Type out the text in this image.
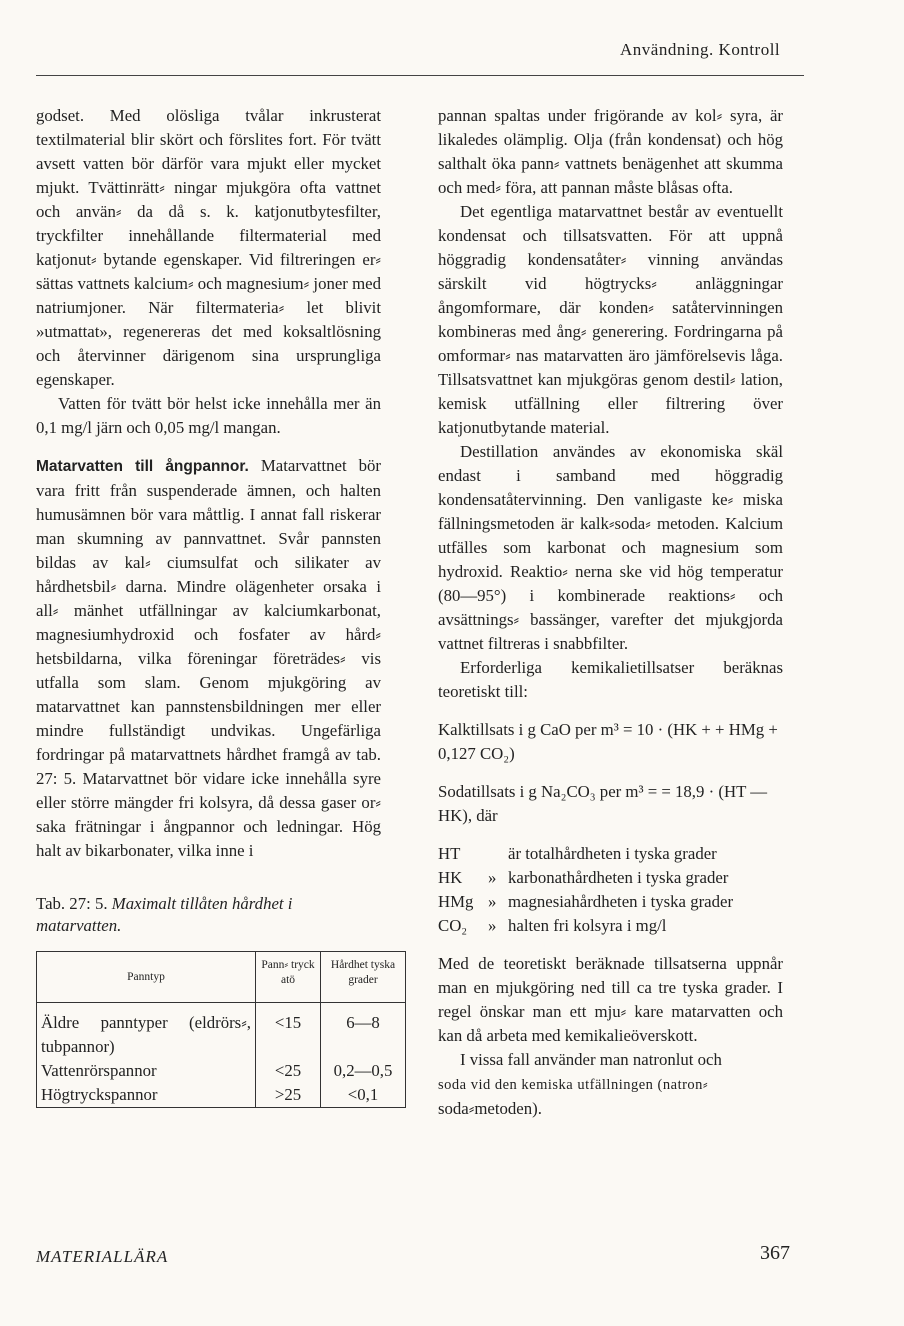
Användning. Kontroll

godset. Med olösliga tvålar inkrusterat textilmaterial blir skört och förslites fort. För tvätt avsett vatten bör därför vara mjukt eller mycket mjukt. Tvättinrätt⸗ ningar mjukgöra ofta vattnet och använ⸗ da då s. k. katjonutbytesfilter, tryckfilter innehållande filtermaterial med katjonut⸗ bytande egenskaper. Vid filtreringen er⸗ sättas vattnets kalcium⸗ och magnesium⸗ joner med natriumjoner. När filtermateria⸗ let blivit »utmattat», regenereras det med koksaltlösning och återvinner därigenom sina ursprungliga egenskaper.

Vatten för tvätt bör helst icke innehålla mer än 0,1 mg/l järn och 0,05 mg/l mangan.

Matarvatten till ångpannor. Matarvattnet bör vara fritt från suspenderade ämnen, och halten humusämnen bör vara måttlig. I annat fall riskerar man skumning av pannvattnet. Svår pannsten bildas av kal⸗ ciumsulfat och silikater av hårdhetsbil⸗ darna. Mindre olägenheter orsaka i all⸗ mänhet utfällningar av kalciumkarbonat, magnesiumhydroxid och fosfater av hård⸗ hetsbildarna, vilka föreningar företrädes⸗ vis utfalla som slam. Genom mjukgöring av matarvattnet kan pannstensbildningen mer eller mindre fullständigt undvikas. Ungefärliga fordringar på matarvattnets hårdhet framgå av tab. 27: 5. Matarvattnet bör vidare icke innehålla syre eller större mängder fri kolsyra, då dessa gaser or⸗ saka frätningar i ångpannor och ledningar. Hög halt av bikarbonater, vilka inne i

Tab. 27: 5. Maximalt tillåten hårdhet i matarvatten.

Panntyp	Pann⸗ tryck atö	Hårdhet tyska grader
Äldre panntyper (eldrörs⸗, tubpannor)	<15	6—8
Vattenrörspannor	<25	0,2—0,5
Högtryckspannor	>25	<0,1

pannan spaltas under frigörande av kol⸗ syra, är likaledes olämplig. Olja (från kondensat) och hög salthalt öka pann⸗ vattnets benägenhet att skumma och med⸗ föra, att pannan måste blåsas ofta.

Det egentliga matarvattnet består av eventuellt kondensat och tillsatsvatten. För att uppnå höggradig kondensatåter⸗ vinning användas särskilt vid högtrycks⸗ anläggningar ångomformare, där konden⸗ satåtervinningen kombineras med ång⸗ generering. Fordringarna på omformar⸗ nas matarvatten äro jämförelsevis låga. Tillsatsvattnet kan mjukgöras genom destil⸗ lation, kemisk utfällning eller filtrering över katjonutbytande material.

Destillation användes av ekonomiska skäl endast i samband med höggradig kondensatåtervinning. Den vanligaste ke⸗ miska fällningsmetoden är kalk⸗soda⸗ metoden. Kalcium utfälles som karbonat och magnesium som hydroxid. Reaktio⸗ nerna ske vid hög temperatur (80—95°) i kombinerade reaktions⸗ och avsättnings⸗ bassänger, varefter det mjukgjorda vattnet filtreras i snabbfilter.

Erforderliga kemikalietillsatser beräknas teoretiskt till:

Kalktillsats i g CaO per m³ = 10 · (HK + + HMg + 0,127 CO₂)

Sodatillsats i g Na₂CO₃ per m³ = = 18,9 · (HT — HK), där

HT	är totalhårdheten i tyska grader
HK	» karbonathårdheten i tyska grader
HMg » magnesiahårdheten i tyska grader
CO₂	» halten fri kolsyra i mg/l

Med de teoretiskt beräknade tillsatserna uppnår man en mjukgöring ned till ca tre tyska grader. I regel önskar man ett mju⸗ kare matarvatten och kan då arbeta med kemikalieöverskott.

I vissa fall använder man natronlut och
soda vid den kemiska utfällningen (natron⸗
soda⸗metoden).

MATERIALLÄRA	367
